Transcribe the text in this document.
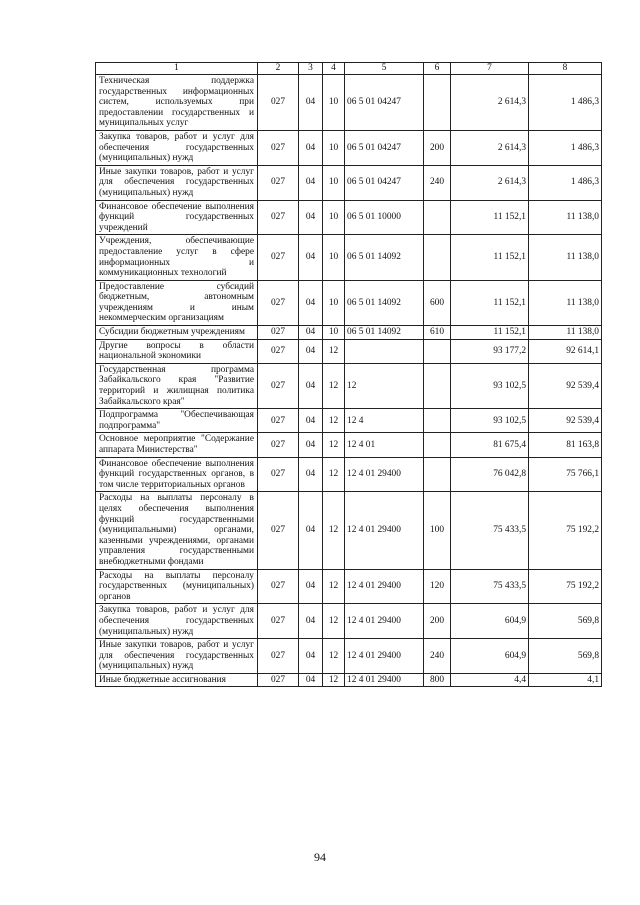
1	2	3	4	5	6	7	8
Техническая поддержка государственных информационных систем, используемых при предоставлении государственных и муниципальных услуг	027	04	10	06 5 01 04247		2 614,3	1 486,3
Закупка товаров, работ и услуг для обеспечения государственных (муниципальных) нужд	027	04	10	06 5 01 04247	200	2 614,3	1 486,3
Иные закупки товаров, работ и услуг для обеспечения государственных (муниципальных) нужд	027	04	10	06 5 01 04247	240	2 614,3	1 486,3
Финансовое обеспечение выполнения функций государственных учреждений	027	04	10	06 5 01 10000		11 152,1	11 138,0
Учреждения, обеспечивающие предоставление услуг в сфере информационных и коммуникационных технологий	027	04	10	06 5 01 14092		11 152,1	11 138,0
Предоставление субсидий бюджетным, автономным учреждениям и иным некоммерческим организациям	027	04	10	06 5 01 14092	600	11 152,1	11 138,0
Субсидии бюджетным учреждениям	027	04	10	06 5 01 14092	610	11 152,1	11 138,0
Другие вопросы в области национальной экономики	027	04	12			93 177,2	92 614,1
Государственная программа Забайкальского края "Развитие территорий и жилищная политика Забайкальского края"	027	04	12	12		93 102,5	92 539,4
Подпрограмма "Обеспечивающая подпрограмма"	027	04	12	12 4		93 102,5	92 539,4
Основное мероприятие "Содержание аппарата Министерства"	027	04	12	12 4 01		81 675,4	81 163,8
Финансовое обеспечение выполнения функций государственных органов, в том числе территориальных органов	027	04	12	12 4 01 29400		76 042,8	75 766,1
Расходы на выплаты персоналу в целях обеспечения выполнения функций государственными (муниципальными) органами, казенными учреждениями, органами управления государственными внебюджетными фондами	027	04	12	12 4 01 29400	100	75 433,5	75 192,2
Расходы на выплаты персоналу государственных (муниципальных) органов	027	04	12	12 4 01 29400	120	75 433,5	75 192,2
Закупка товаров, работ и услуг для обеспечения государственных (муниципальных) нужд	027	04	12	12 4 01 29400	200	604,9	569,8
Иные закупки товаров, работ и услуг для обеспечения государственных (муниципальных) нужд	027	04	12	12 4 01 29400	240	604,9	569,8
Иные бюджетные ассигнования	027	04	12	12 4 01 29400	800	4,4	4,1
94
